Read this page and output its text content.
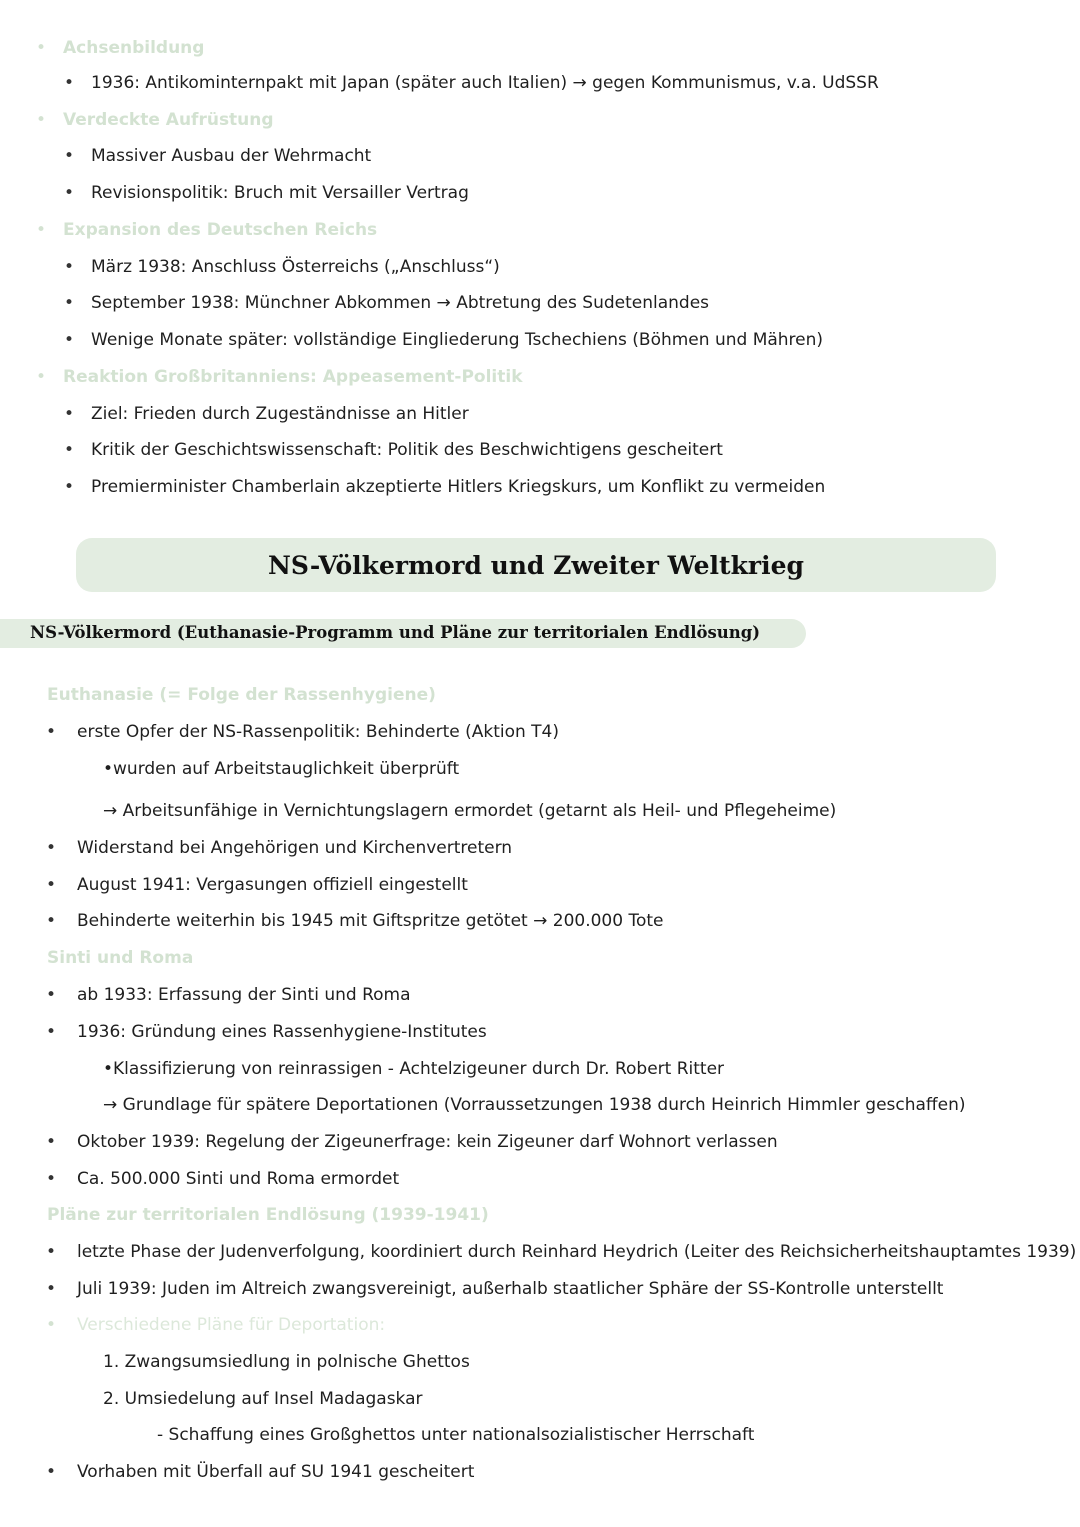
• Achsenbildung
• 1936: Antikominternpakt mit Japan (später auch Italien) → gegen Kommunismus, v.a. UdSSR
• Verdeckte Aufrüstung
• Massiver Ausbau der Wehrmacht
• Revisionspolitik: Bruch mit Versailler Vertrag
• Expansion des Deutschen Reichs
• März 1938: Anschluss Österreichs („Anschluss“)
• September 1938: Münchner Abkommen → Abtretung des Sudetenlandes
• Wenige Monate später: vollständige Eingliederung Tschechiens (Böhmen und Mähren)
• Reaktion Großbritanniens: Appeasement-Politik
• Ziel: Frieden durch Zugeständnisse an Hitler
• Kritik der Geschichtswissenschaft: Politik des Beschwichtigens gescheitert
• Premierminister Chamberlain akzeptierte Hitlers Kriegskurs, um Konflikt zu vermeiden
NS-Völkermord und Zweiter Weltkrieg
NS-Völkermord (Euthanasie-Programm und Pläne zur territorialen Endlösung)
Euthanasie (= Folge der Rassenhygiene)
• erste Opfer der NS-Rassenpolitik: Behinderte (Aktion T4)
•wurden auf Arbeitstauglichkeit überprüft
→ Arbeitsunfähige in Vernichtungslagern ermordet (getarnt als Heil- und Pflegeheime)
• Widerstand bei Angehörigen und Kirchenvertretern
• August 1941: Vergasungen offiziell eingestellt
• Behinderte weiterhin bis 1945 mit Giftspritze getötet → 200.000 Tote
Sinti und Roma
• ab 1933: Erfassung der Sinti und Roma
• 1936: Gründung eines Rassenhygiene-Institutes
•Klassifizierung von reinrassigen - Achtelzigeuner durch Dr. Robert Ritter
→ Grundlage für spätere Deportationen (Vorraussetzungen 1938 durch Heinrich Himmler geschaffen)
• Oktober 1939: Regelung der Zigeunerfrage: kein Zigeuner darf Wohnort verlassen
• Ca. 500.000 Sinti und Roma ermordet
Pläne zur territorialen Endlösung (1939-1941)
• letzte Phase der Judenverfolgung, koordiniert durch Reinhard Heydrich (Leiter des Reichsicherheitshauptamtes 1939)
• Juli 1939: Juden im Altreich zwangsvereinigt, außerhalb staatlicher Sphäre der SS-Kontrolle unterstellt
• Verschiedene Pläne für Deportation:
1. Zwangsumsiedlung in polnische Ghettos
2. Umsiedelung auf Insel Madagaskar
- Schaffung eines Großghettos unter nationalsozialistischer Herrschaft
• Vorhaben mit Überfall auf SU 1941 gescheitert
